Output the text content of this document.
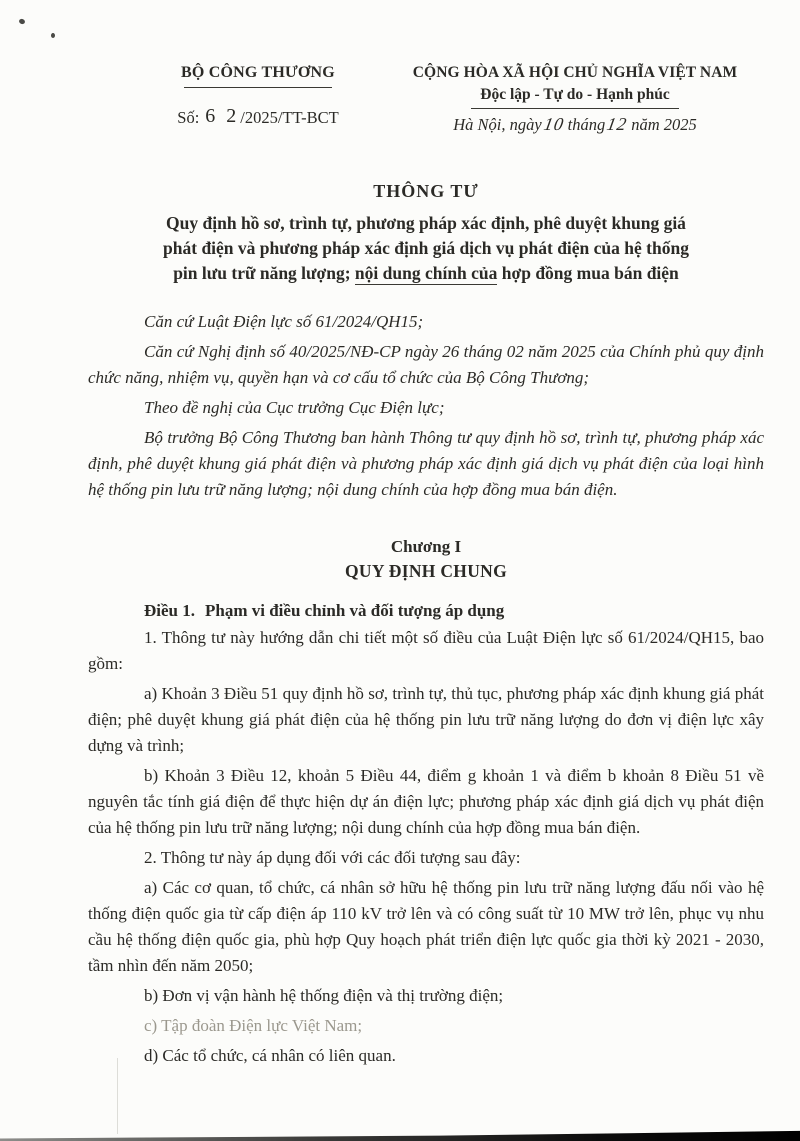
BỘ CÔNG THƯƠNG
Số: 6 2/2025/TT-BCT
CỘNG HÒA XÃ HỘI CHỦ NGHĨA VIỆT NAM
Độc lập - Tự do - Hạnh phúc
Hà Nội, ngày10 tháng12 năm 2025
THÔNG TƯ
Quy định hồ sơ, trình tự, phương pháp xác định, phê duyệt khung giá
phát điện và phương pháp xác định giá dịch vụ phát điện của hệ thống
pin lưu trữ năng lượng; nội dung chính của hợp đồng mua bán điện

Căn cứ Luật Điện lực số 61/2024/QH15;

Căn cứ Nghị định số 40/2025/NĐ-CP ngày 26 tháng 02 năm 2025 của Chính phủ quy định chức năng, nhiệm vụ, quyền hạn và cơ cấu tổ chức của Bộ Công Thương;

Theo đề nghị của Cục trưởng Cục Điện lực;

Bộ trưởng Bộ Công Thương ban hành Thông tư quy định hồ sơ, trình tự, phương pháp xác định, phê duyệt khung giá phát điện và phương pháp xác định giá dịch vụ phát điện của loại hình hệ thống pin lưu trữ năng lượng; nội dung chính của hợp đồng mua bán điện.

Chương I
QUY ĐỊNH CHUNG
Điều 1. Phạm vi điều chỉnh và đối tượng áp dụng

1. Thông tư này hướng dẫn chi tiết một số điều của Luật Điện lực số 61/2024/QH15, bao gồm:

a) Khoản 3 Điều 51 quy định hồ sơ, trình tự, thủ tục, phương pháp xác định khung giá phát điện; phê duyệt khung giá phát điện của hệ thống pin lưu trữ năng lượng do đơn vị điện lực xây dựng và trình;

b) Khoản 3 Điều 12, khoản 5 Điều 44, điểm g khoản 1 và điểm b khoản 8 Điều 51 về nguyên tắc tính giá điện để thực hiện dự án điện lực; phương pháp xác định giá dịch vụ phát điện của hệ thống pin lưu trữ năng lượng; nội dung chính của hợp đồng mua bán điện.

2. Thông tư này áp dụng đối với các đối tượng sau đây:

a) Các cơ quan, tổ chức, cá nhân sở hữu hệ thống pin lưu trữ năng lượng đấu nối vào hệ thống điện quốc gia từ cấp điện áp 110 kV trở lên và có công suất từ 10 MW trở lên, phục vụ nhu cầu hệ thống điện quốc gia, phù hợp Quy hoạch phát triển điện lực quốc gia thời kỳ 2021 - 2030, tầm nhìn đến năm 2050;

b) Đơn vị vận hành hệ thống điện và thị trường điện;

c) Tập đoàn Điện lực Việt Nam;

d) Các tổ chức, cá nhân có liên quan.
